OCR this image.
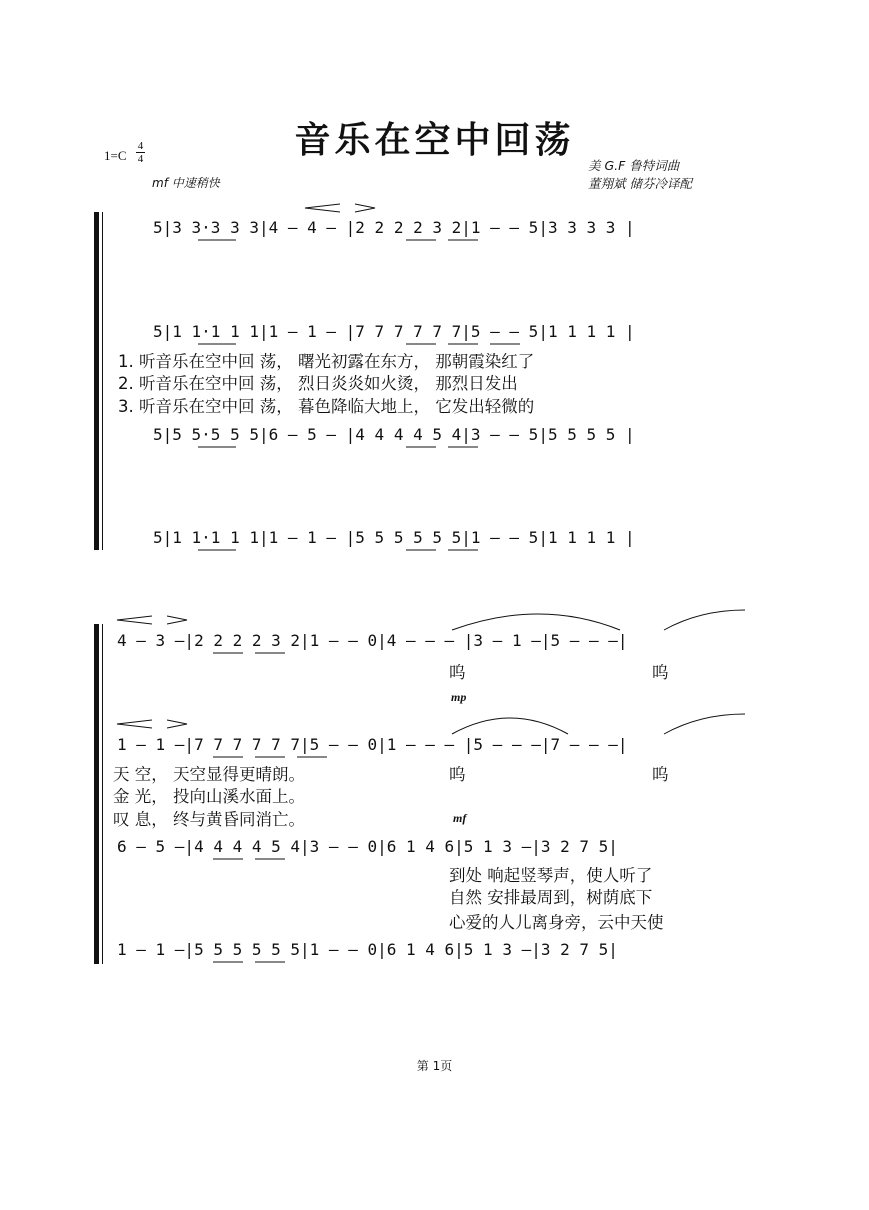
音乐在空中回荡
1=C
4
4
mf 中速稍快
美 G.F 鲁特词曲
董翔斌 储芬冷译配
5|3 3·3 3 3|4 – 4 – |2 2 2 2 3 2|1 – – 5|3 3 3 3 |
5|1 1·1 1 1|1 – 1 – |7 7 7 7 7 7|5 – – 5|1 1 1 1 |
1. 听音乐在空中回 荡， 曙光初露在东方， 那朝霞染红了
2. 听音乐在空中回 荡， 烈日炎炎如火烫， 那烈日发出
3. 听音乐在空中回 荡， 暮色降临大地上， 它发出轻微的
5|5 5·5 5 5|6 – 5 – |4 4 4 4 5 4|3 – – 5|5 5 5 5 |
5|1 1·1 1 1|1 – 1 – |5 5 5 5 5 5|1 – – 5|1 1 1 1 |
4 – 3 –|2 2 2 2 3 2|1 – – 0|4 – – – |3 – 1 –|5 – – –|
呜	呜
mp
1 – 1 –|7 7 7 7 7 7|5 – – 0|1 – – – |5 – – –|7 – – –|
天 空， 天空显得更晴朗。
金 光， 投向山溪水面上。
叹 息， 终与黄昏同消亡。
呜	呜
mf
6 – 5 –|4 4 4 4 5 4|3 – – 0|6 1 4 6|5 1 3 –|3 2 7 5|
到处 响起竖琴声，使人听了
自然 安排最周到，树荫底下
心爱的人儿离身旁，云中天使
1 – 1 –|5 5 5 5 5 5|1 – – 0|6 1 4 6|5 1 3 –|3 2 7 5|
第 1页
